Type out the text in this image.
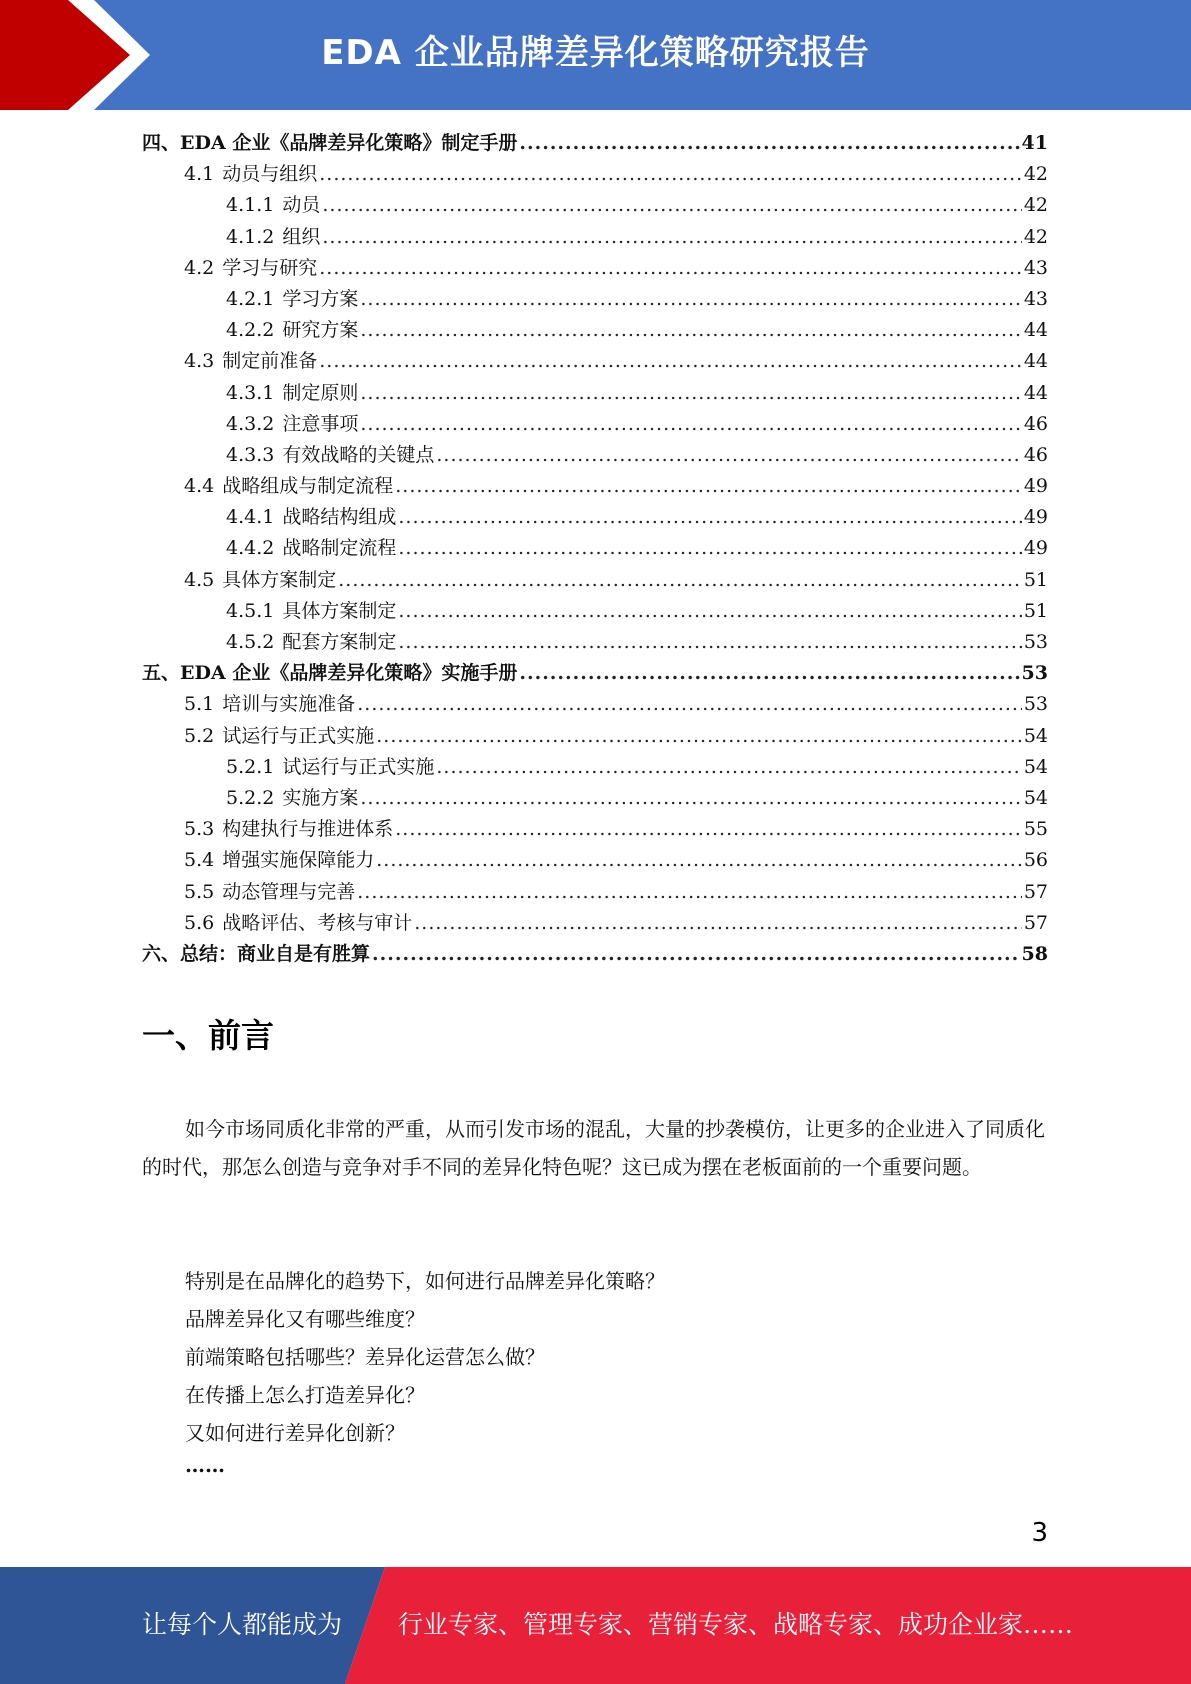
EDA 企业品牌差异化策略研究报告
四、 EDA 企业《品牌差异化策略》制定手册 .....	41
4.1 动员与组织 .....	42
4.1.1 动员 .....	42
4.1.2 组织 .....	42
4.2 学习与研究 .....	43
4.2.1 学习方案 .....	43
4.2.2 研究方案 .....	44
4.3 制定前准备 .....	44
4.3.1 制定原则 .....	44
4.3.2 注意事项 .....	46
4.3.3 有效战略的关键点 .....	46
4.4 战略组成与制定流程 .....	49
4.4.1 战略结构组成 .....	49
4.4.2 战略制定流程 .....	49
4.5 具体方案制定 .....	51
4.5.1 具体方案制定 .....	51
4.5.2 配套方案制定 .....	53
五、 EDA 企业《品牌差异化策略》实施手册 .....	53
5.1 培训与实施准备 .....	53
5.2 试运行与正式实施 .....	54
5.2.1 试运行与正式实施 .....	54
5.2.2 实施方案 .....	54
5.3 构建执行与推进体系 .....	55
5.4 增强实施保障能力 .....	56
5.5 动态管理与完善 .....	57
5.6 战略评估、考核与审计 .....	57
六、 总结：商业自是有胜算 .....	58
一、前言
如今市场同质化非常的严重，从而引发市场的混乱，大量的抄袭模仿，让更多的企业进入了同质化的时代，那怎么创造与竞争对手不同的差异化特色呢？这已成为摆在老板面前的一个重要问题。
特别是在品牌化的趋势下，如何进行品牌差异化策略？
品牌差异化又有哪些维度？
前端策略包括哪些？差异化运营怎么做？
在传播上怎么打造差异化？
又如何进行差异化创新？
……
3
让每个人都能成为 行业专家、管理专家、营销专家、战略专家、成功企业家……
